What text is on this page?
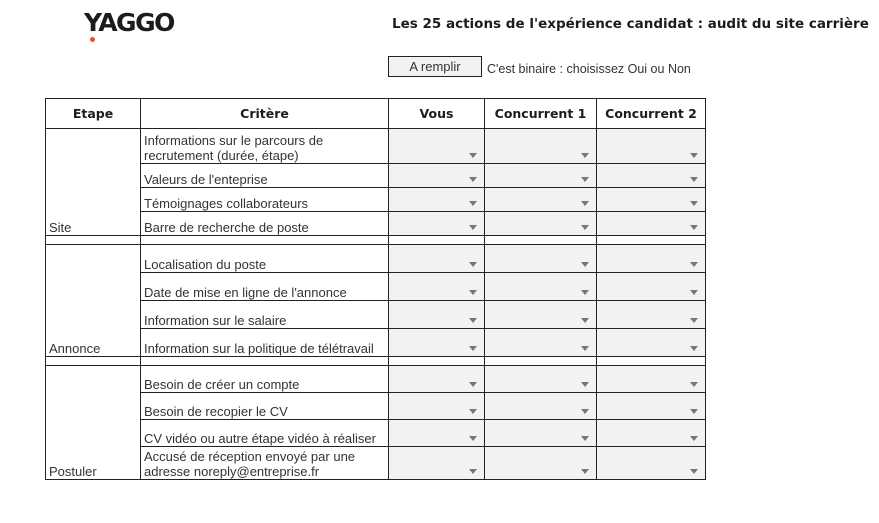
YAGGO	Les 25 actions de l'expérience candidat : audit du site carrière
A remplir	C'est binaire : choisissez Oui ou Non
Etape	Critère	Vous	Concurrent 1	Concurrent 2
Site	Informations sur le parcours de recrutement (durée, étape)	

	Valeurs de l'enteprise	

	Témoignages collaborateurs	

	Barre de recherche de poste	

Annonce	Localisation du poste	

	Date de mise en ligne de l'annonce	

	Information sur le salaire	

	Information sur la politique de télétravail	

Postuler	Besoin de créer un compte	

	Besoin de recopier le CV	

	CV vidéo ou autre étape vidéo à réaliser	

	Accusé de réception envoyé par une adresse noreply@entreprise.fr	
